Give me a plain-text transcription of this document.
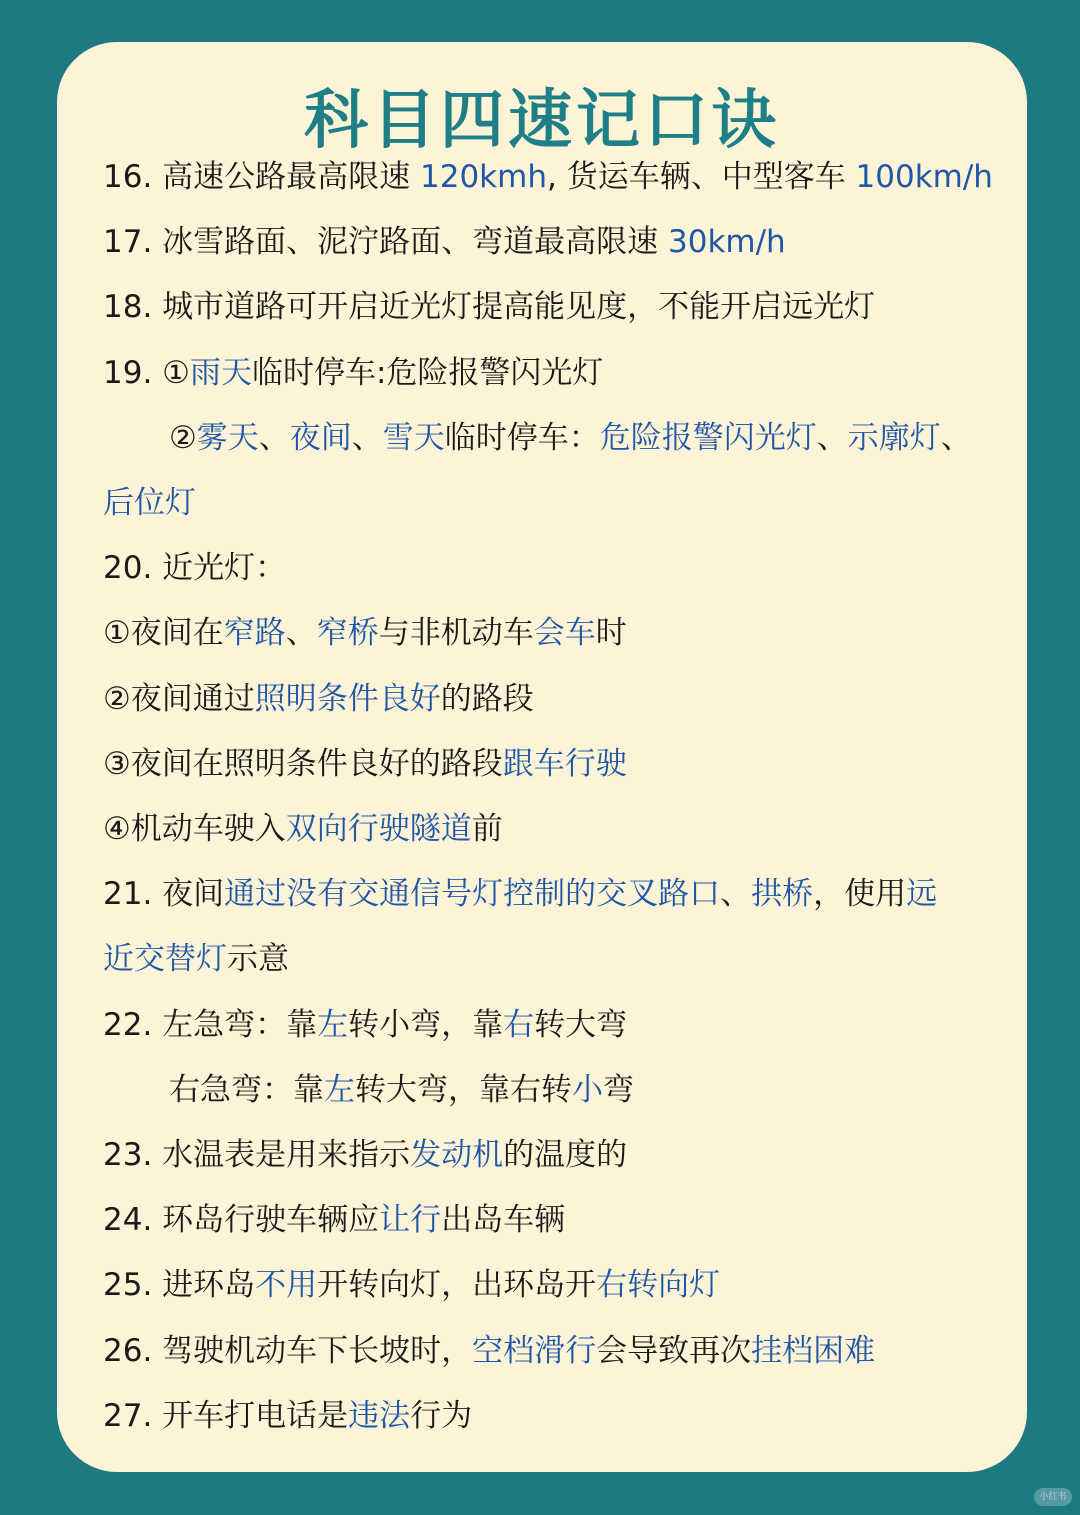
科目四速记口诀
16. 高速公路最高限速 120kmh, 货运车辆、中型客车 100km/h
17. 冰雪路面、泥泞路面、弯道最高限速 30km/h
18. 城市道路可开启近光灯提高能见度，不能开启远光灯
19. ①雨天临时停车:危险报警闪光灯
②雾天、夜间、雪天临时停车：危险报警闪光灯、示廓灯、
后位灯
20. 近光灯：
①夜间在窄路、窄桥与非机动车会车时
②夜间通过照明条件良好的路段
③夜间在照明条件良好的路段跟车行驶
④机动车驶入双向行驶隧道前
21. 夜间通过没有交通信号灯控制的交叉路口、拱桥，使用远
近交替灯示意
22. 左急弯：靠左转小弯，靠右转大弯
右急弯：靠左转大弯，靠右转小弯
23. 水温表是用来指示发动机的温度的
24. 环岛行驶车辆应让行出岛车辆
25. 进环岛不用开转向灯，出环岛开右转向灯
26. 驾驶机动车下长坡时，空档滑行会导致再次挂档困难
27. 开车打电话是违法行为
小红书
